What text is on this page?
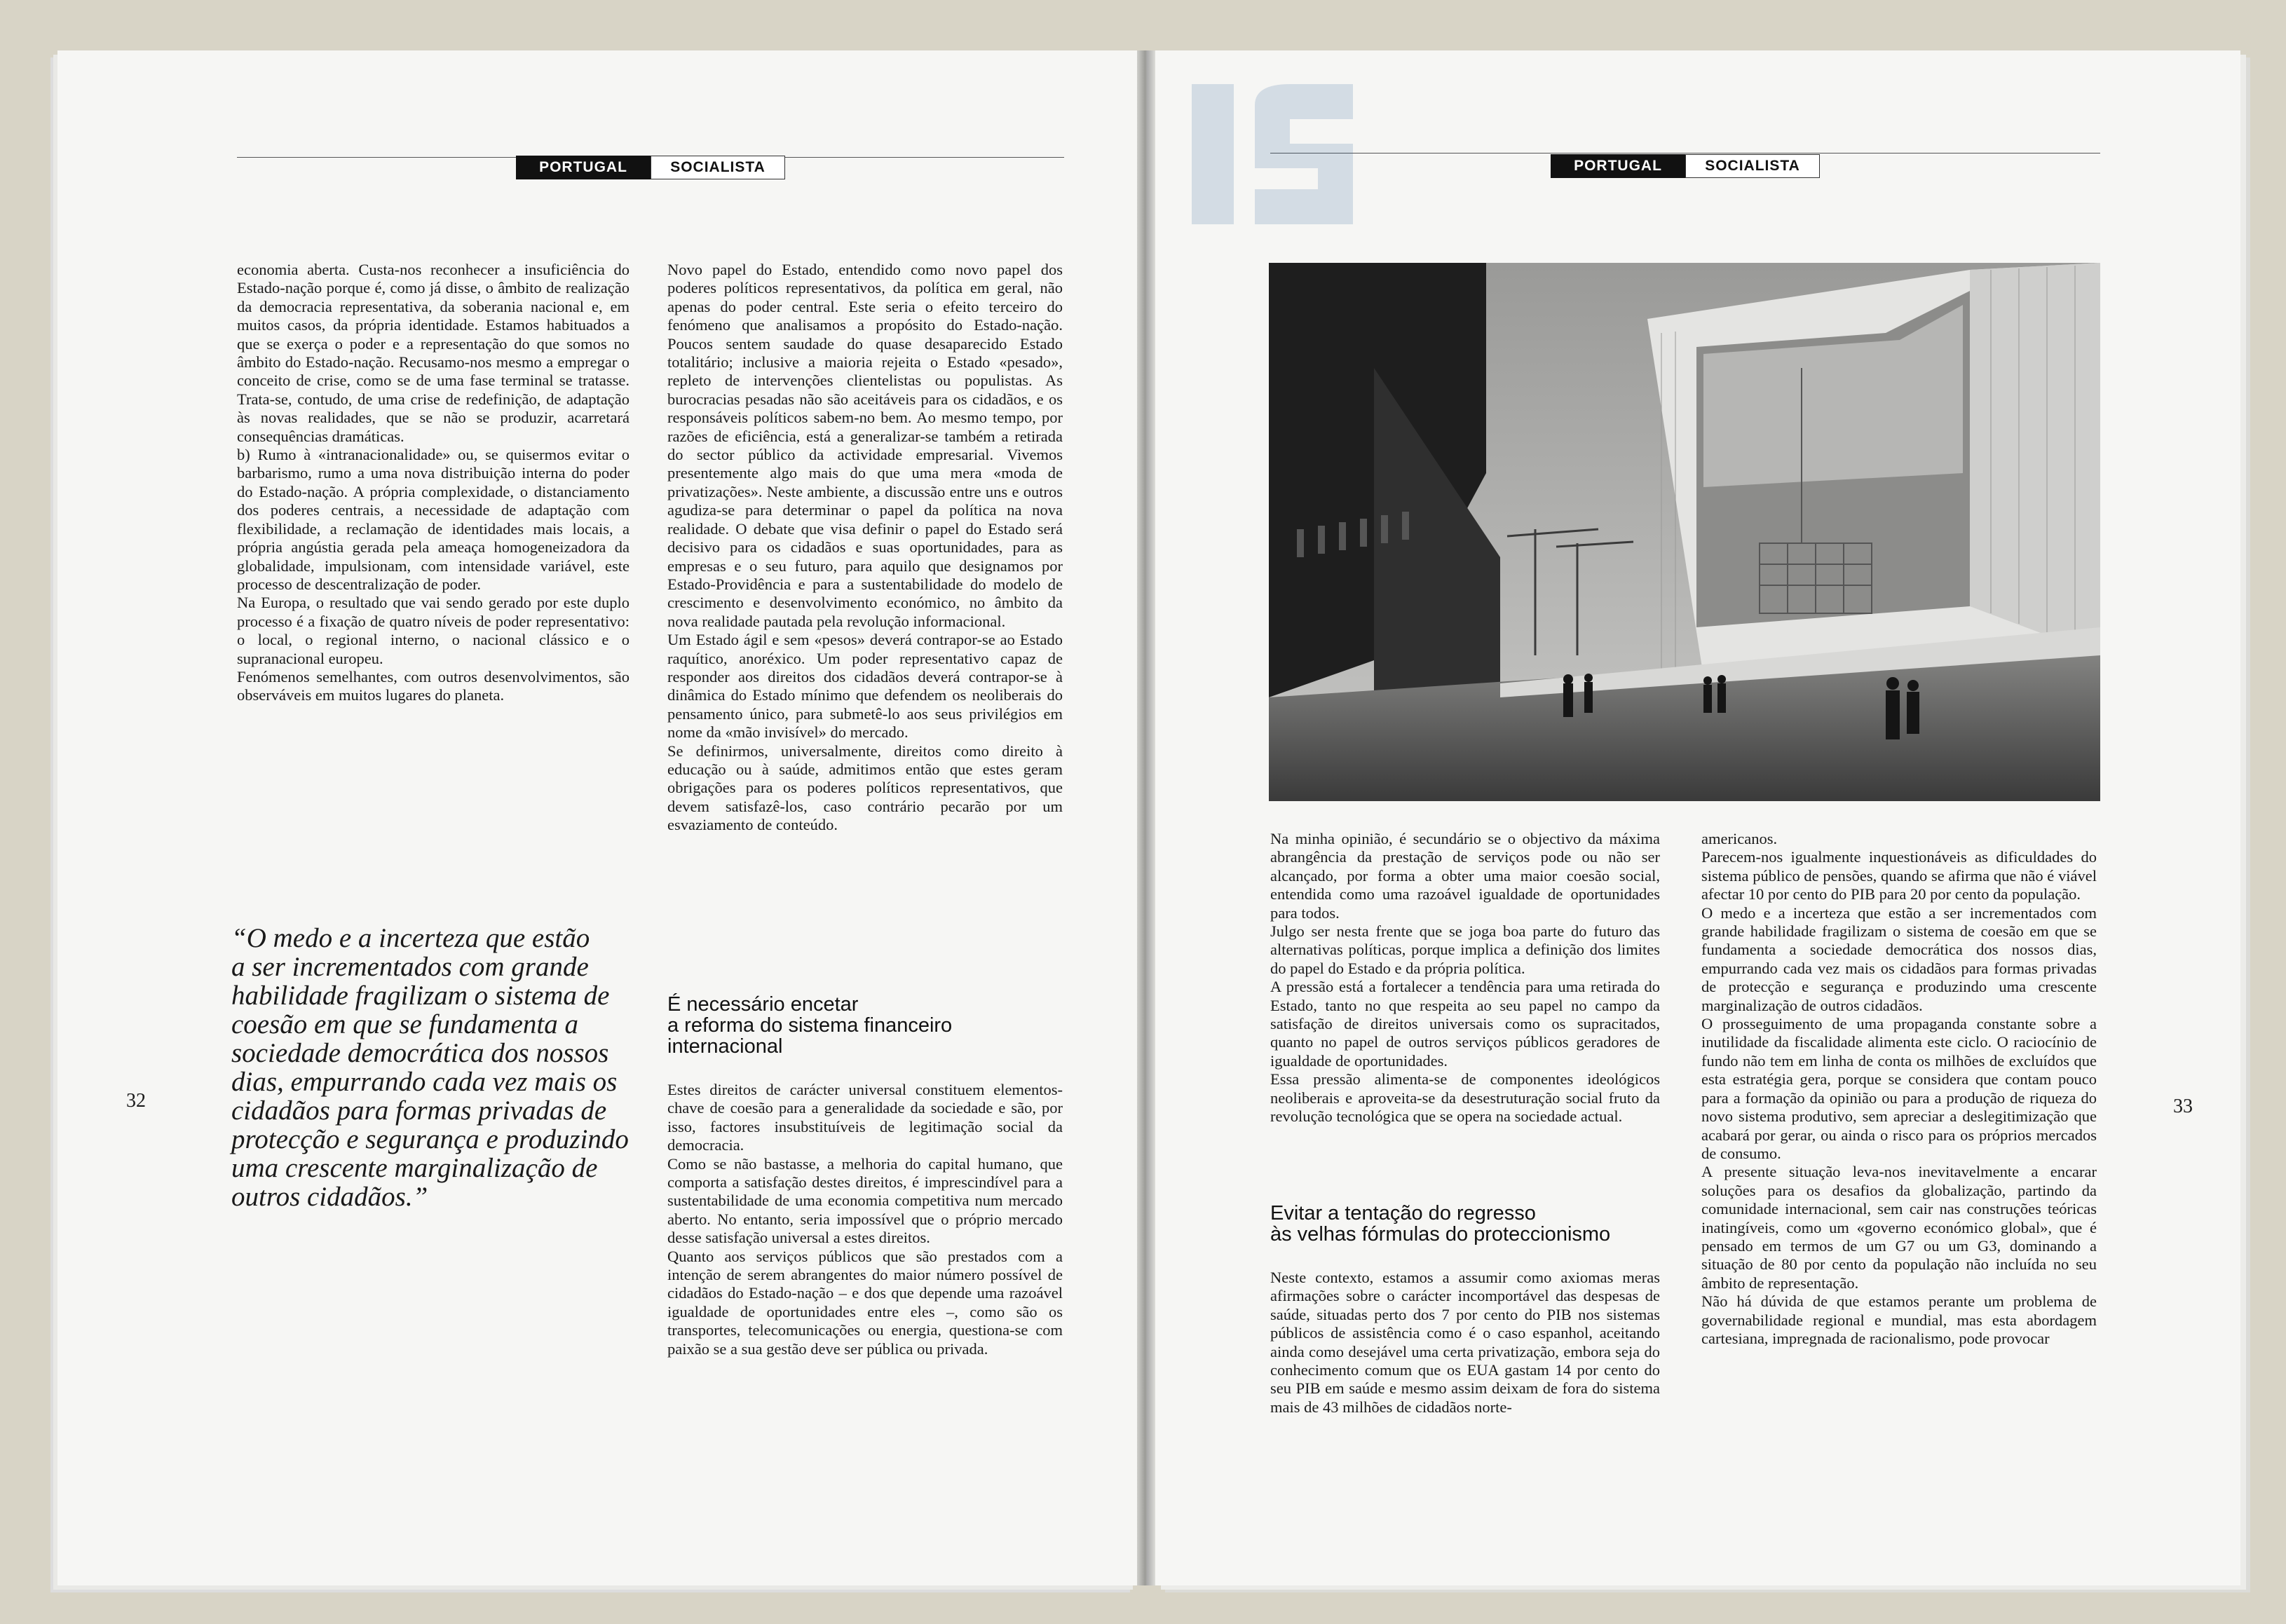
PORTUGAL	SOCIALISTA	PORTUGAL	SOCIALISTA
economia aberta. Custa-nos reconhecer a insuficiência do Estado-nação porque é, como já disse, o âmbito de realização da democracia representativa, da soberania nacional e, em muitos casos, da própria identidade. Estamos habituados a que se exerça o poder e a representação do que somos no âmbito do Estado-nação. Recusamo-nos mesmo a empregar o conceito de crise, como se de uma fase terminal se tratasse. Trata-se, contudo, de uma crise de redefinição, de adaptação às novas realidades, que se não se produzir, acarretará consequências dramáticas.
b) Rumo à «intranacionalidade» ou, se quisermos evitar o barbarismo, rumo a uma nova distribuição interna do poder do Estado-nação. A própria complexidade, o distanciamento dos poderes centrais, a necessidade de adaptação com flexibilidade, a reclamação de identidades mais locais, a própria angústia gerada pela ameaça homogeneizadora da globalidade, impulsionam, com intensidade variável, este processo de descentralização de poder.
Na Europa, o resultado que vai sendo gerado por este duplo processo é a fixação de quatro níveis de poder representativo: o local, o regional interno, o nacional clássico e o supranacional europeu.
Fenómenos semelhantes, com outros desenvolvimentos, são observáveis em muitos lugares do planeta.
“O medo e a incerteza que estão
a ser incrementados com grande
habilidade fragilizam o sistema de
coesão em que se fundamenta a
sociedade democrática dos nossos
dias, empurrando cada vez mais os
cidadãos para formas privadas de
protecção e segurança e produzindo
uma crescente marginalização de
outros cidadãos.”
Novo papel do Estado, entendido como novo papel dos poderes políticos representativos, da política em geral, não apenas do poder central. Este seria o efeito terceiro do fenómeno que analisamos a propósito do Estado-nação. Poucos sentem saudade do quase desaparecido Estado totalitário; inclusive a maioria rejeita o Estado «pesado», repleto de intervenções clientelistas ou populistas. As burocracias pesadas não são aceitáveis para os cidadãos, e os responsáveis políticos sabem-no bem. Ao mesmo tempo, por razões de eficiência, está a generalizar-se também a retirada do sector público da actividade empresarial. Vivemos presentemente algo mais do que uma mera «moda de privatizações». Neste ambiente, a discussão entre uns e outros agudiza-se para determinar o papel da política na nova realidade. O debate que visa definir o papel do Estado será decisivo para os cidadãos e suas oportunidades, para as empresas e o seu futuro, para aquilo que designamos por Estado-Providência e para a sustentabilidade do modelo de crescimento e desenvolvimento económico, no âmbito da nova realidade pautada pela revolução informacional.
Um Estado ágil e sem «pesos» deverá contrapor-se ao Estado raquítico, anoréxico. Um poder representativo capaz de responder aos direitos dos cidadãos deverá contrapor-se à dinâmica do Estado mínimo que defendem os neoliberais do pensamento único, para submetê-lo aos seus privilégios em nome da «mão invisível» do mercado.
Se definirmos, universalmente, direitos como direito à educação ou à saúde, admitimos então que estes geram obrigações para os poderes políticos representativos, que devem satisfazê-los, caso contrário pecarão por um esvaziamento de conteúdo.
É necessário encetar
a reforma do sistema financeiro
internacional
Estes direitos de carácter universal constituem elementos-chave de coesão para a generalidade da sociedade e são, por isso, factores insubstituíveis de legitimação social da democracia.
Como se não bastasse, a melhoria do capital humano, que comporta a satisfação destes direitos, é imprescindível para a sustentabilidade de uma economia competitiva num mercado aberto. No entanto, seria impossível que o próprio mercado desse satisfação universal a estes direitos.
Quanto aos serviços públicos que são prestados com a intenção de serem abrangentes do maior número possível de cidadãos do Estado-nação – e dos que depende uma razoável igualdade de oportunidades entre eles –, como são os transportes, telecomunicações ou energia, questiona-se com paixão se a sua gestão deve ser pública ou privada.
32
Na minha opinião, é secundário se o objectivo da máxima abrangência da prestação de serviços pode ou não ser alcançado, por forma a obter uma maior coesão social, entendida como uma razoável igualdade de oportunidades para todos.
Julgo ser nesta frente que se joga boa parte do futuro das alternativas políticas, porque implica a definição dos limites do papel do Estado e da própria política.
A pressão está a fortalecer a tendência para uma retirada do Estado, tanto no que respeita ao seu papel no campo da satisfação de direitos universais como os supracitados, quanto no papel de outros serviços públicos geradores de igualdade de oportunidades.
Essa pressão alimenta-se de componentes ideológicos neoliberais e aproveita-se da desestruturação social fruto da revolução tecnológica que se opera na sociedade actual.
Evitar a tentação do regresso
às velhas fórmulas do proteccionismo
Neste contexto, estamos a assumir como axiomas meras afirmações sobre o carácter incomportável das despesas de saúde, situadas perto dos 7 por cento do PIB nos sistemas públicos de assistência como é o caso espanhol, aceitando ainda como desejável uma certa privatização, embora seja do conhecimento comum que os EUA gastam 14 por cento do seu PIB em saúde e mesmo assim deixam de fora do sistema mais de 43 milhões de cidadãos norte-
americanos.
Parecem-nos igualmente inquestionáveis as dificuldades do sistema público de pensões, quando se afirma que não é viável afectar 10 por cento do PIB para 20 por cento da população.
O medo e a incerteza que estão a ser incrementados com grande habilidade fragilizam o sistema de coesão em que se fundamenta a sociedade democrática dos nossos dias, empurrando cada vez mais os cidadãos para formas privadas de protecção e segurança e produzindo uma crescente marginalização de outros cidadãos.
O prosseguimento de uma propaganda constante sobre a inutilidade da fiscalidade alimenta este ciclo. O raciocínio de fundo não tem em linha de conta os milhões de excluídos que esta estratégia gera, porque se considera que contam pouco para a formação da opinião ou para a produção de riqueza do novo sistema produtivo, sem apreciar a deslegitimização que acabará por gerar, ou ainda o risco para os próprios mercados de consumo.
A presente situação leva-nos inevitavelmente a encarar soluções para os desafios da globalização, partindo da comunidade internacional, sem cair nas construções teóricas inatingíveis, como um «governo económico global», que é pensado em termos de um G7 ou um G3, dominando a situação de 80 por cento da população não incluída no seu âmbito de representação.
Não há dúvida de que estamos perante um problema de governabilidade regional e mundial, mas esta abordagem cartesiana, impregnada de racionalismo, pode provocar
33
